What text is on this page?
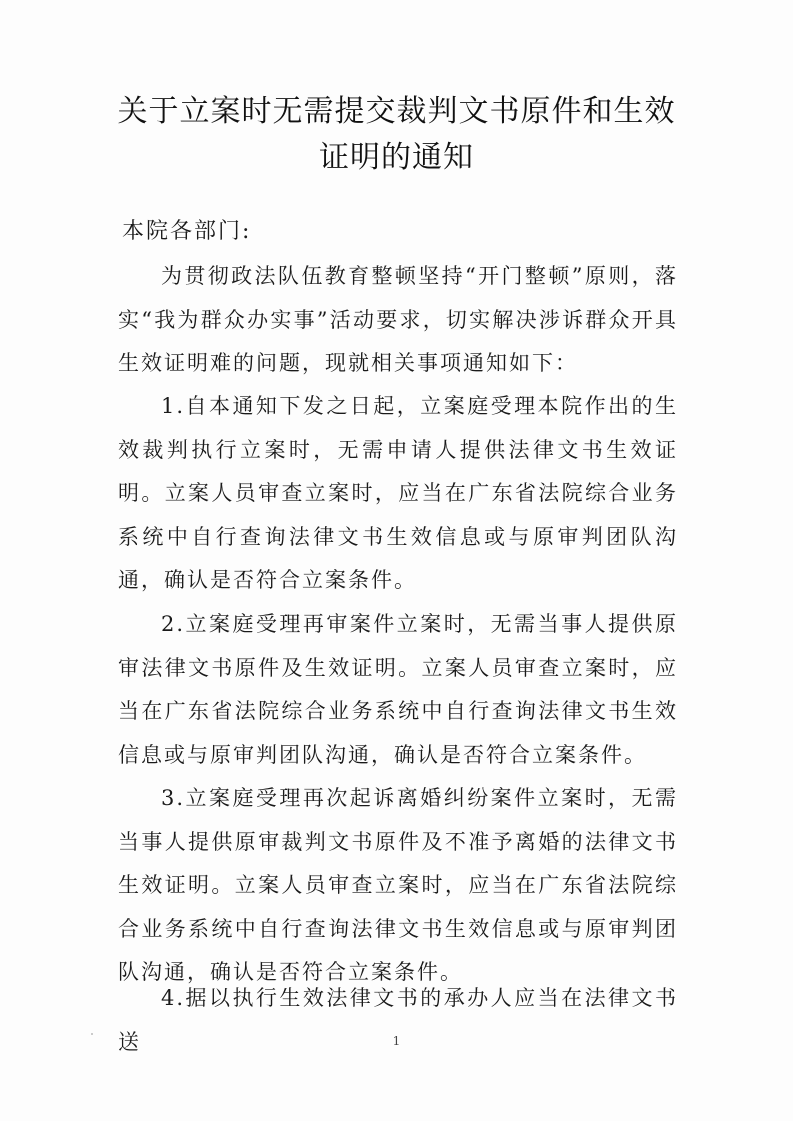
关于立案时无需提交裁判文书原件和生效
证明的通知
本院各部门:

为贯彻政法队伍教育整顿坚持“开门整顿”原则，落实“我为群众办实事”活动要求，切实解决涉诉群众开具生效证明难的问题，现就相关事项通知如下：

1.自本通知下发之日起，立案庭受理本院作出的生效裁判执行立案时，无需申请人提供法律文书生效证明。立案人员审查立案时，应当在广东省法院综合业务系统中自行查询法律文书生效信息或与原审判团队沟通，确认是否符合立案条件。

2.立案庭受理再审案件立案时，无需当事人提供原审法律文书原件及生效证明。立案人员审查立案时，应当在广东省法院综合业务系统中自行查询法律文书生效信息或与原审判团队沟通，确认是否符合立案条件。

3.立案庭受理再次起诉离婚纠纷案件立案时，无需当事人提供原审裁判文书原件及不准予离婚的法律文书生效证明。立案人员审查立案时，应当在广东省法院综合业务系统中自行查询法律文书生效信息或与原审判团队沟通，确认是否符合立案条件。

4.据以执行生效法律文书的承办人应当在法律文书送	1
